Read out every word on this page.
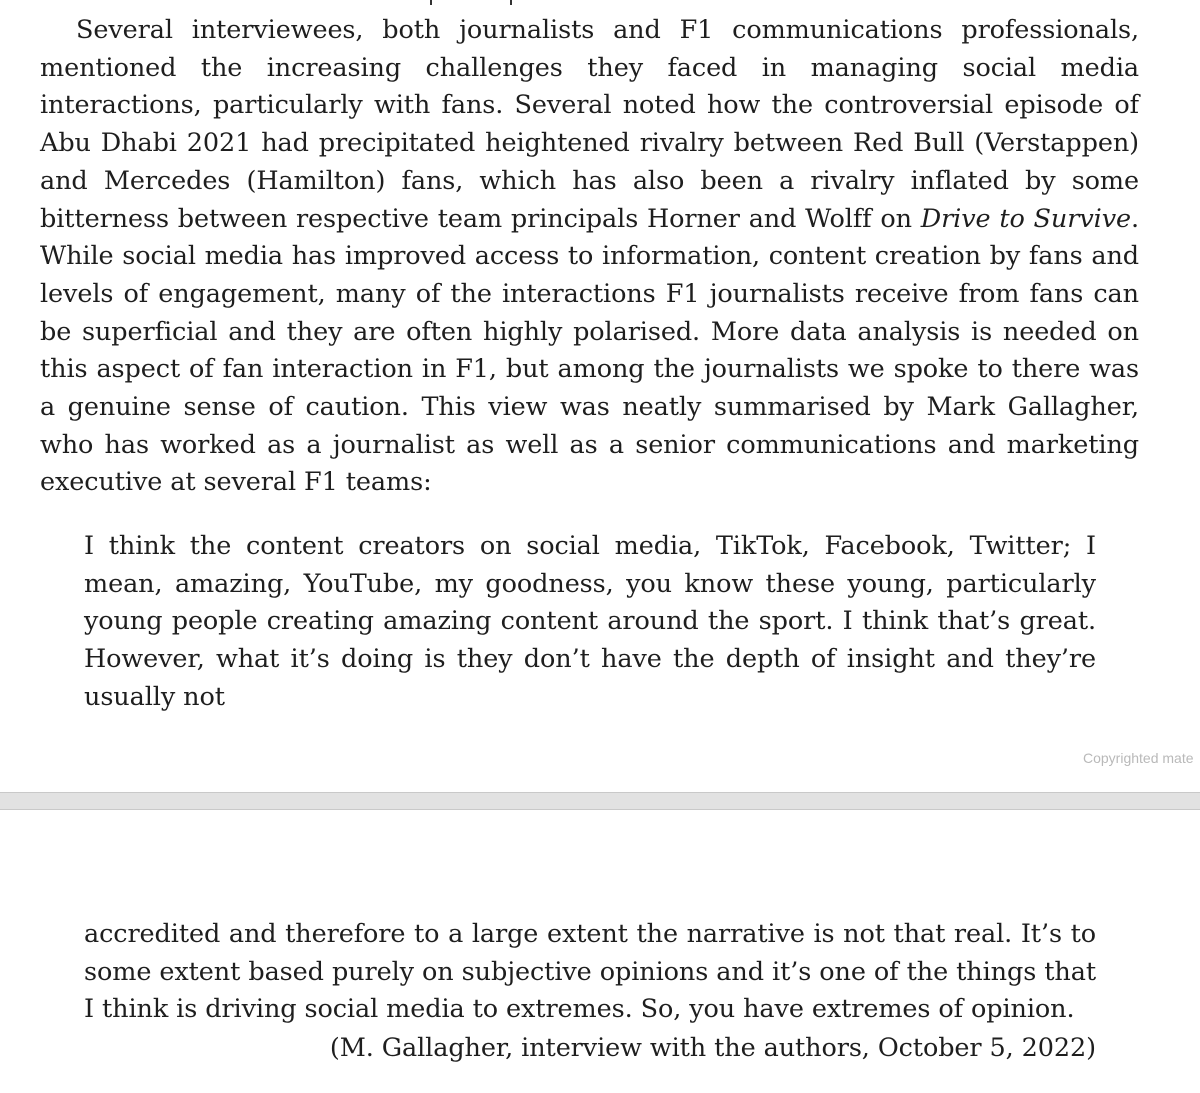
Several interviewees, both journalists and F1 communications professionals, mentioned the increasing challenges they faced in managing social media interactions, particularly with fans. Several noted how the controversial episode of Abu Dhabi 2021 had precipitated heightened rivalry between Red Bull (Verstappen) and Mercedes (Hamilton) fans, which has also been a rivalry inflated by some bitterness between respective team principals Horner and Wolff on Drive to Survive. While social media has improved access to information, content creation by fans and levels of engagement, many of the interactions F1 journalists receive from fans can be superficial and they are often highly polarised. More data analysis is needed on this aspect of fan interaction in F1, but among the journalists we spoke to there was a genuine sense of caution. This view was neatly summarised by Mark Gallagher, who has worked as a journalist as well as a senior communications and marketing executive at several F1 teams:

I think the content creators on social media, TikTok, Facebook, Twitter; I mean, amazing, YouTube, my goodness, you know these young, particularly young people creating amazing content around the sport. I think that’s great. However, what it’s doing is they don’t have the depth of insight and they’re usually not

Copyrighted mate

accredited and therefore to a large extent the narrative is not that real. It’s to some extent based purely on subjective opinions and it’s one of the things that I think is driving social media to extremes. So, you have extremes of opinion.

(M. Gallagher, interview with the authors, October 5, 2022)
